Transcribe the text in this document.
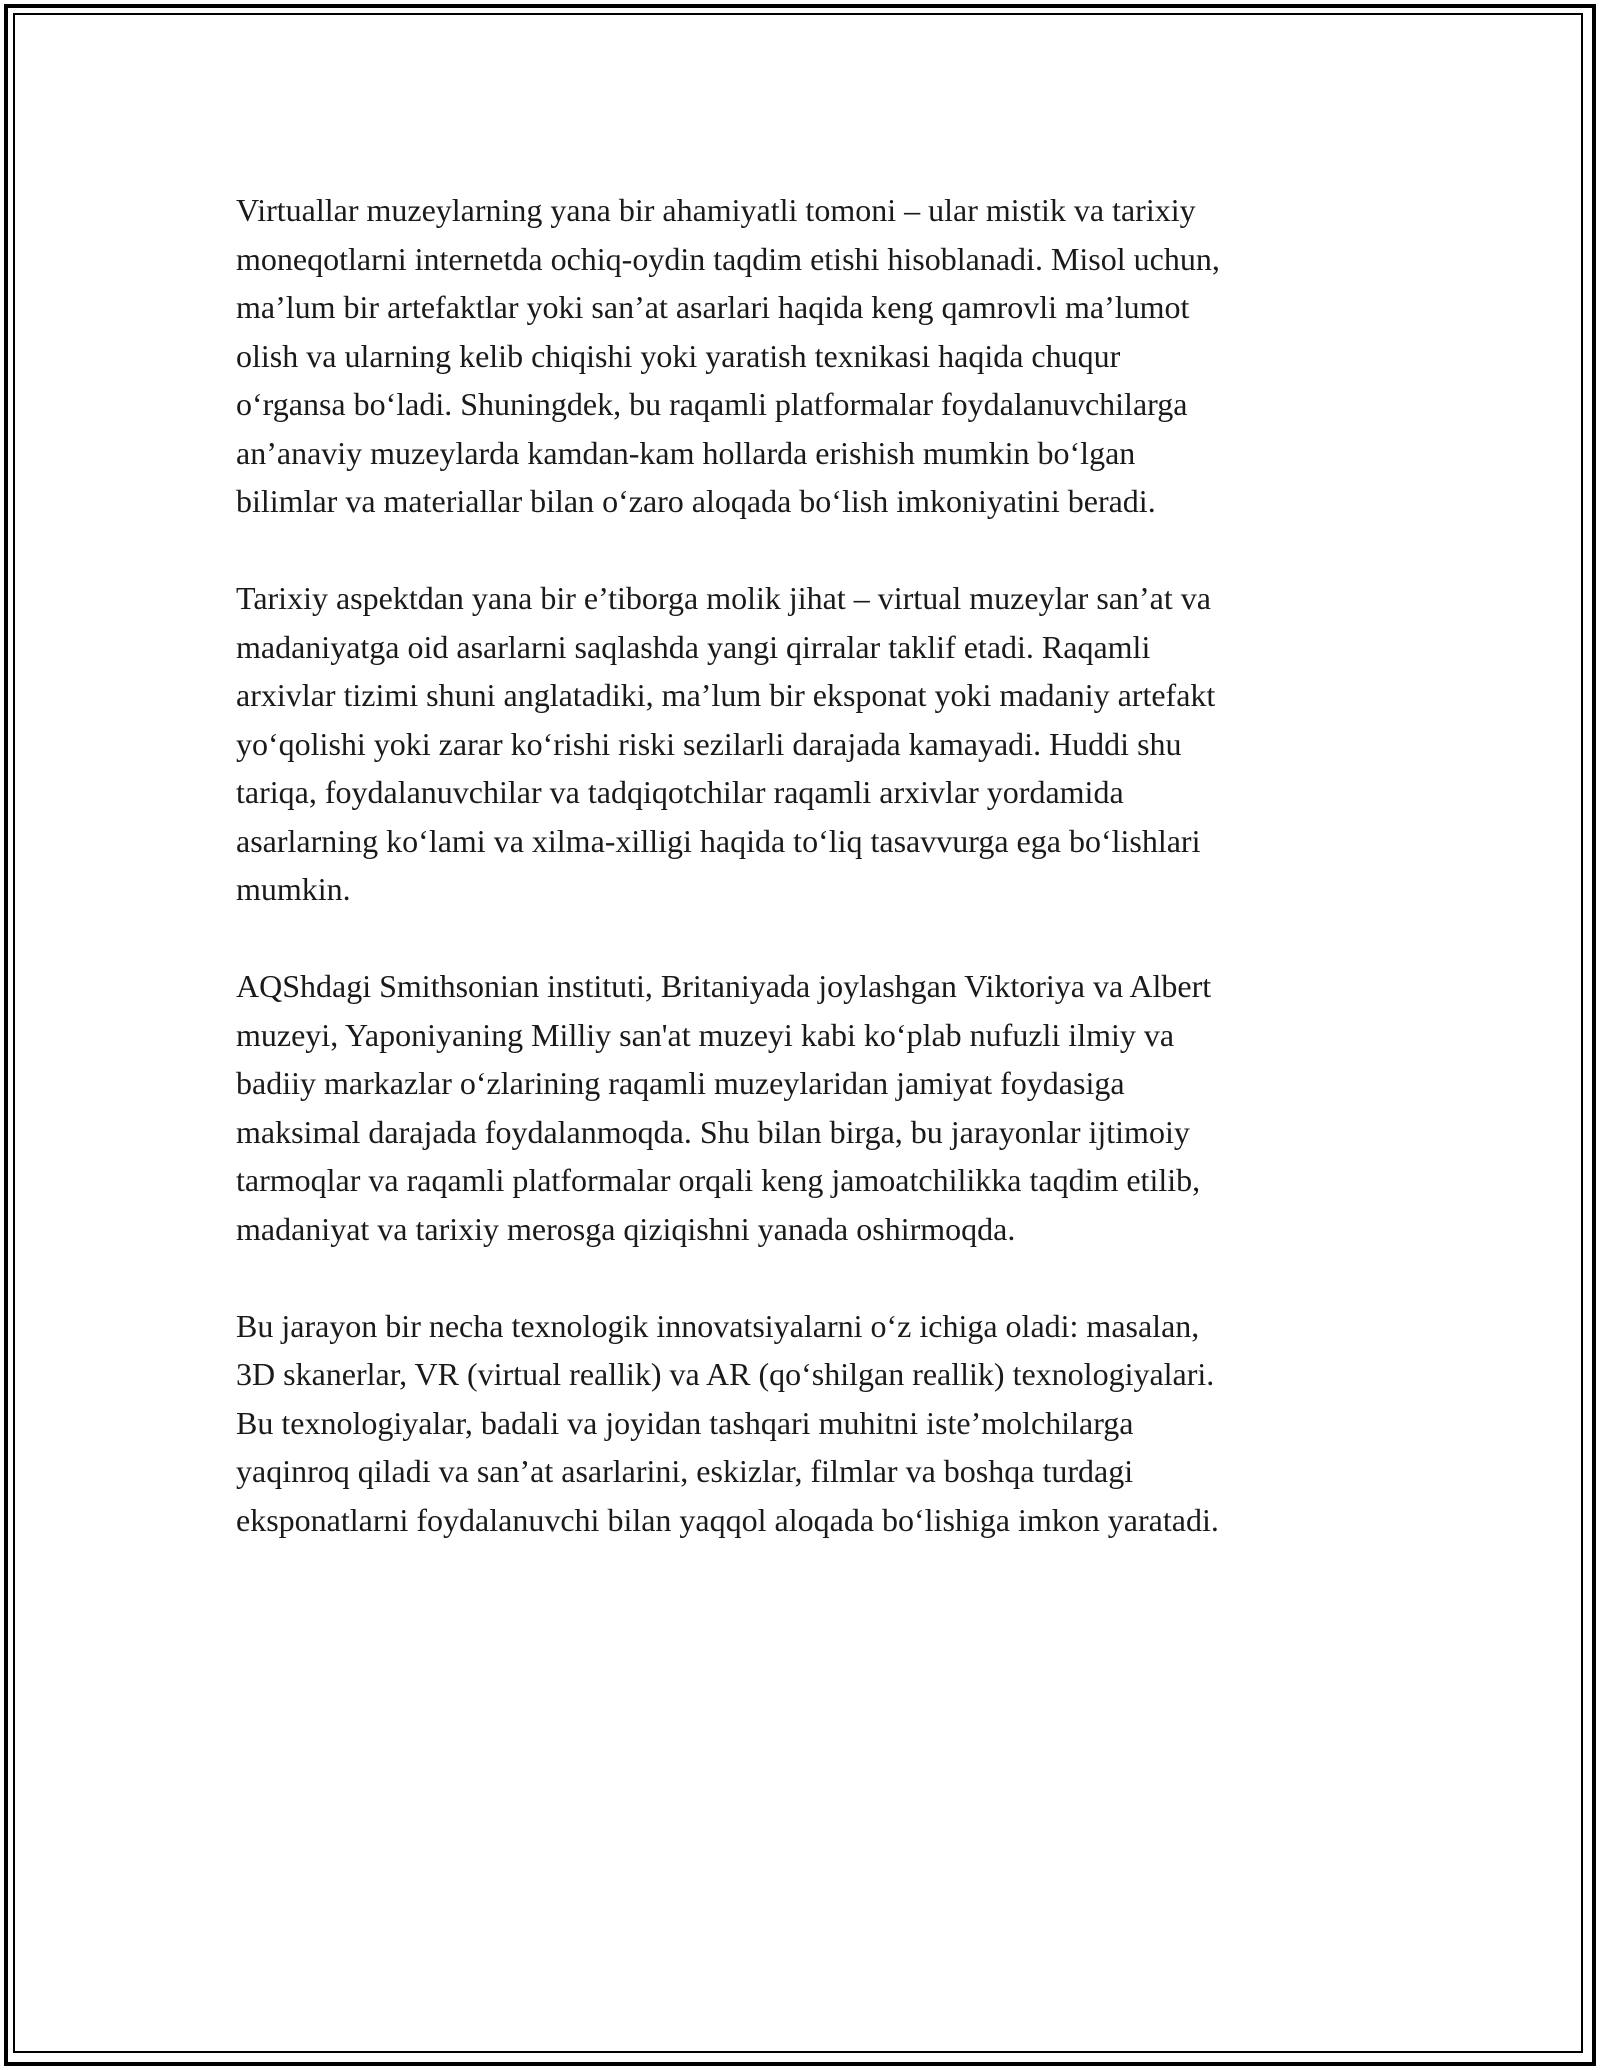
Virtuallar muzeylarning yana bir ahamiyatli tomoni – ular mistik va tarixiy
moneqotlarni internetda ochiq-oydin taqdim etishi hisoblanadi. Misol uchun,
ma’lum bir artefaktlar yoki san’at asarlari haqida keng qamrovli ma’lumot
olish va ularning kelib chiqishi yoki yaratish texnikasi haqida chuqur
o‘rgansa bo‘ladi. Shuningdek, bu raqamli platformalar foydalanuvchilarga
an’anaviy muzeylarda kamdan-kam hollarda erishish mumkin bo‘lgan
bilimlar va materiallar bilan o‘zaro aloqada bo‘lish imkoniyatini beradi.

Tarixiy aspektdan yana bir e’tiborga molik jihat – virtual muzeylar san’at va
madaniyatga oid asarlarni saqlashda yangi qirralar taklif etadi. Raqamli
arxivlar tizimi shuni anglatadiki, ma’lum bir eksponat yoki madaniy artefakt
yo‘qolishi yoki zarar ko‘rishi riski sezilarli darajada kamayadi. Huddi shu
tariqa, foydalanuvchilar va tadqiqotchilar raqamli arxivlar yordamida
asarlarning ko‘lami va xilma-xilligi haqida to‘liq tasavvurga ega bo‘lishlari
mumkin.

AQShdagi Smithsonian instituti, Britaniyada joylashgan Viktoriya va Albert
muzeyi, Yaponiyaning Milliy san'at muzeyi kabi ko‘plab nufuzli ilmiy va
badiiy markazlar o‘zlarining raqamli muzeylaridan jamiyat foydasiga
maksimal darajada foydalanmoqda. Shu bilan birga, bu jarayonlar ijtimoiy
tarmoqlar va raqamli platformalar orqali keng jamoatchilikka taqdim etilib,
madaniyat va tarixiy merosga qiziqishni yanada oshirmoqda.

Bu jarayon bir necha texnologik innovatsiyalarni o‘z ichiga oladi: masalan,
3D skanerlar, VR (virtual reallik) va AR (qo‘shilgan reallik) texnologiyalari.
Bu texnologiyalar, badali va joyidan tashqari muhitni iste’molchilarga
yaqinroq qiladi va san’at asarlarini, eskizlar, filmlar va boshqa turdagi
eksponatlarni foydalanuvchi bilan yaqqol aloqada bo‘lishiga imkon yaratadi.
